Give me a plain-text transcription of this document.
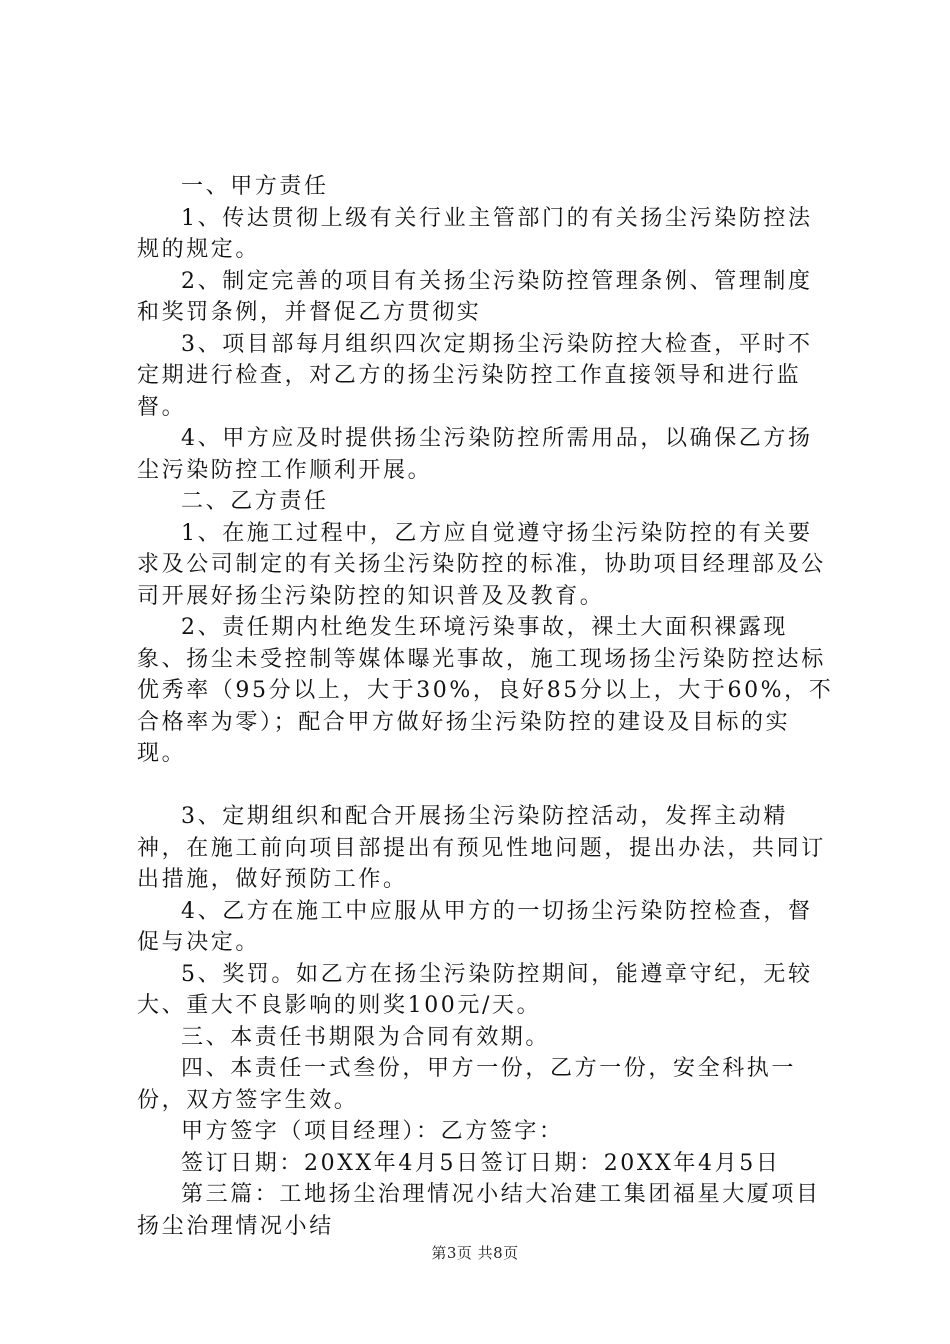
一、甲方责任

1、传达贯彻上级有关行业主管部门的有关扬尘污染防控法规的规定。

2、制定完善的项目有关扬尘污染防控管理条例、管理制度和奖罚条例，并督促乙方贯彻实

3、项目部每月组织四次定期扬尘污染防控大检查，平时不定期进行检查，对乙方的扬尘污染防控工作直接领导和进行监督。

4、甲方应及时提供扬尘污染防控所需用品，以确保乙方扬尘污染防控工作顺利开展。

二、乙方责任

1、在施工过程中，乙方应自觉遵守扬尘污染防控的有关要求及公司制定的有关扬尘污染防控的标准，协助项目经理部及公司开展好扬尘污染防控的知识普及及教育。

2、责任期内杜绝发生环境污染事故，裸土大面积裸露现象、扬尘未受控制等媒体曝光事故，施工现场扬尘污染防控达标优秀率（95分以上，大于30%，良好85分以上，大于60%，不合格率为零）；配合甲方做好扬尘污染防控的建设及目标的实现。

3、定期组织和配合开展扬尘污染防控活动，发挥主动精神，在施工前向项目部提出有预见性地问题，提出办法，共同订出措施，做好预防工作。

4、乙方在施工中应服从甲方的一切扬尘污染防控检查，督促与决定。

5、奖罚。如乙方在扬尘污染防控期间，能遵章守纪，无较大、重大不良影响的则奖100元/天。

三、本责任书期限为合同有效期。

四、本责任一式叁份，甲方一份，乙方一份，安全科执一份，双方签字生效。

甲方签字（项目经理）：乙方签字：

签订日期：20XX年4月5日签订日期：20XX年4月5日

第三篇：工地扬尘治理情况小结大冶建工集团福星大厦项目扬尘治理情况小结

第3页 共8页
